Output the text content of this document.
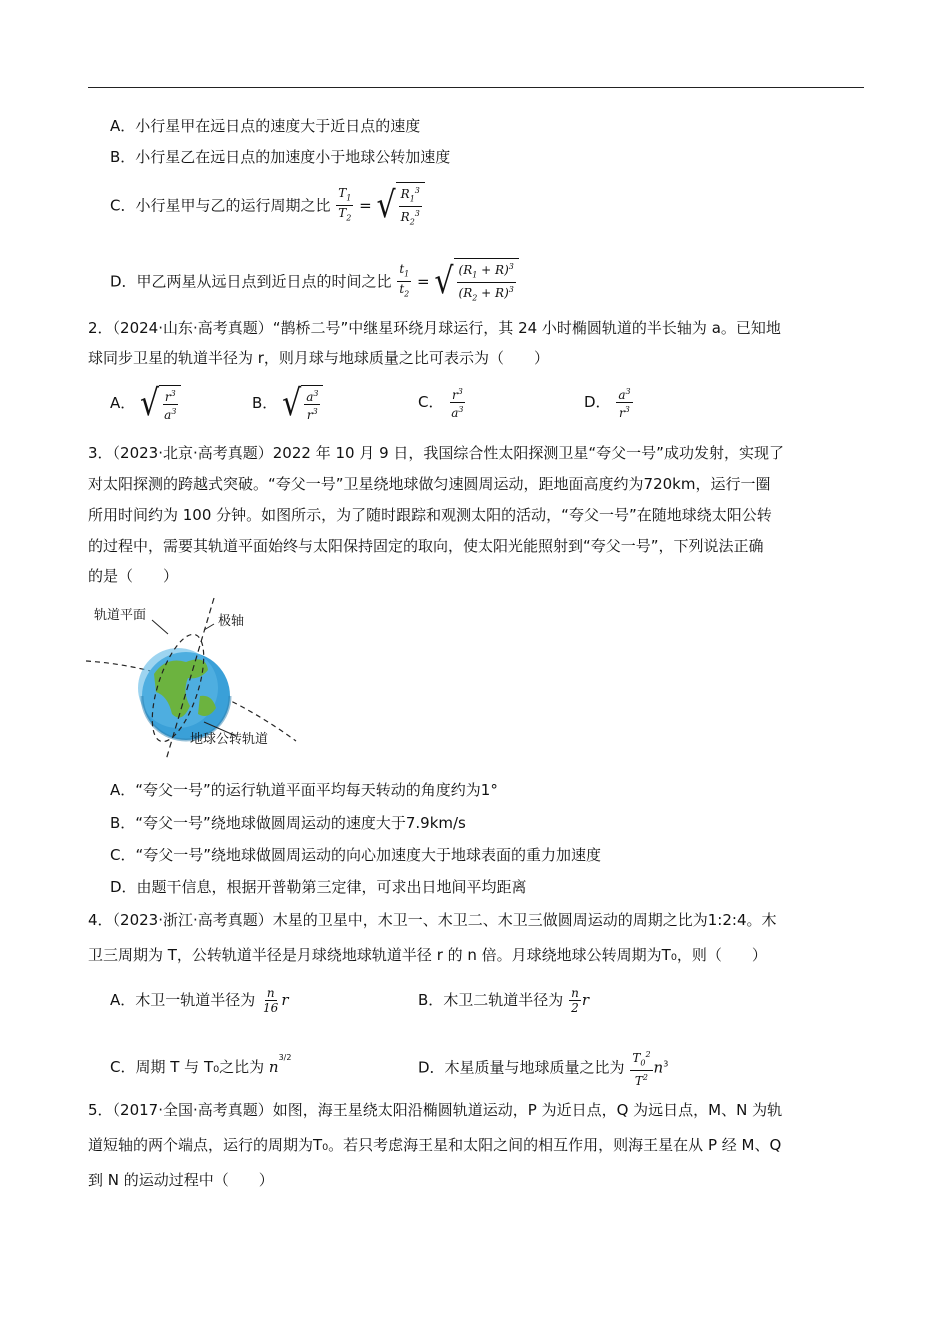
A．小行星甲在远日点的速度大于近日点的速度
B．小行星乙在远日点的加速度小于地球公转加速度
C．小行星甲与乙的运行周期之比 $\frac{T_1}{T_2}$ = √ $\frac{R_1^3}{R_2^3}$
D．甲乙两星从远日点到近日点的时间之比 $\frac{t_1}{t_2}$ = √ $\frac{(R_1 + R)^3}{(R_2 + R)^3}$
2．（2024·山东·高考真题）“鹊桥二号”中继星环绕月球运行，其 24 小时椭圆轨道的半长轴为 a。已知地
球同步卫星的轨道半径为 r，则月球与地球质量之比可表示为（　　）
A． √ $\frac{r^3}{a^3}$	B． √ $\frac{a^3}{r^3}$	C． $\frac{r^3}{a^3}$	D． $\frac{a^3}{r^3}$
3．（2023·北京·高考真题）2022 年 10 月 9 日，我国综合性太阳探测卫星“夸父一号”成功发射，实现了
对太阳探测的跨越式突破。“夸父一号”卫星绕地球做匀速圆周运动，距地面高度约为720km，运行一圈
所用时间约为 100 分钟。如图所示，为了随时跟踪和观测太阳的活动，“夸父一号”在随地球绕太阳公转
的过程中，需要其轨道平面始终与太阳保持固定的取向，使太阳光能照射到“夸父一号”，下列说法正确
的是（　　）
轨道平面	极轴
地球公转轨道
A．“夸父一号”的运行轨道平面平均每天转动的角度约为1°
B．“夸父一号”绕地球做圆周运动的速度大于7.9km/s
C．“夸父一号”绕地球做圆周运动的向心加速度大于地球表面的重力加速度
D．由题干信息，根据开普勒第三定律，可求出日地间平均距离
4．（2023·浙江·高考真题）木星的卫星中，木卫一、木卫二、木卫三做圆周运动的周期之比为1:2:4。木
卫三周期为 T，公转轨道半径是月球绕地球轨道半径 r 的 n 倍。月球绕地球公转周期为T₀，则（　　）
A．木卫一轨道半径为 $\frac{n}{16}$ r	B．木卫二轨道半径为 $\frac{n}{2}$ r
C．周期 T 与 T₀之比为 $n^{3/2}$
D．木星质量与地球质量之比为 $\frac{T_0^2}{T^2} n^3$
5．（2017·全国·高考真题）如图，海王星绕太阳沿椭圆轨道运动，P 为近日点，Q 为远日点，M、N 为轨
道短轴的两个端点，运行的周期为T₀。若只考虑海王星和太阳之间的相互作用，则海王星在从 P 经 M、Q
到 N 的运动过程中（　　）
